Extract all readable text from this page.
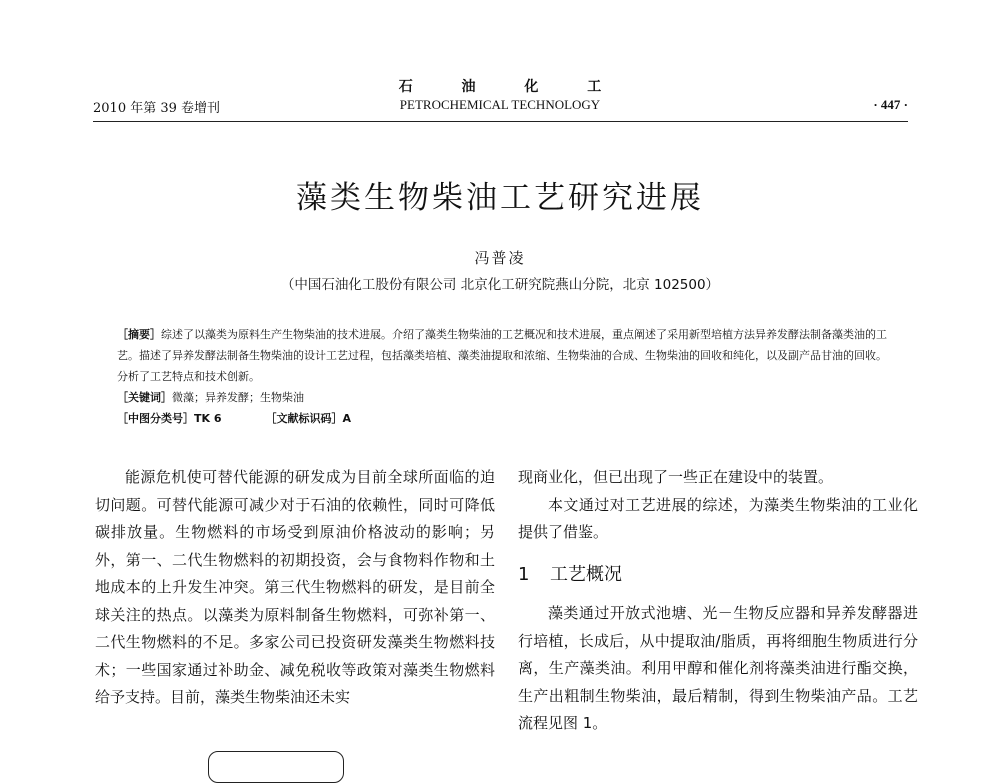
2010 年第 39 卷增刊
石 油 化 工
PETROCHEMICAL TECHNOLOGY	· 447 ·
藻类生物柴油工艺研究进展
冯普凌
（中国石油化工股份有限公司 北京化工研究院燕山分院，北京 102500）

［摘要］综述了以藻类为原料生产生物柴油的技术进展。介绍了藻类生物柴油的工艺概况和技术进展，重点阐述了采用新型培植方法异养发酵法制备藻类油的工艺。描述了异养发酵法制备生物柴油的设计工艺过程，包括藻类培植、藻类油提取和浓缩、生物柴油的合成、生物柴油的回收和纯化，以及副产品甘油的回收。分析了工艺特点和技术创新。

［关键词］微藻；异养发酵；生物柴油

［中图分类号］TK 6	［文献标识码］A

能源危机使可替代能源的研发成为目前全球所面临的迫切问题。可替代能源可减少对于石油的依赖性，同时可降低碳排放量。生物燃料的市场受到原油价格波动的影响；另外，第一、二代生物燃料的初期投资，会与食物料作物和土地成本的上升发生冲突。第三代生物燃料的研发，是目前全球关注的热点。以藻类为原料制备生物燃料，可弥补第一、二代生物燃料的不足。多家公司已投资研发藻类生物燃料技术；一些国家通过补助金、减免税收等政策对藻类生物燃料给予支持。目前，藻类生物柴油还未实

现商业化，但已出现了一些正在建设中的装置。

本文通过对工艺进展的综述，为藻类生物柴油的工业化提供了借鉴。

1 工艺概况

藻类通过开放式池塘、光－生物反应器和异养发酵器进行培植，长成后，从中提取油/脂质，再将细胞生物质进行分离，生产藻类油。利用甲醇和催化剂将藻类油进行酯交换，生产出粗制生物柴油，最后精制，得到生物柴油产品。工艺流程见图 1。
